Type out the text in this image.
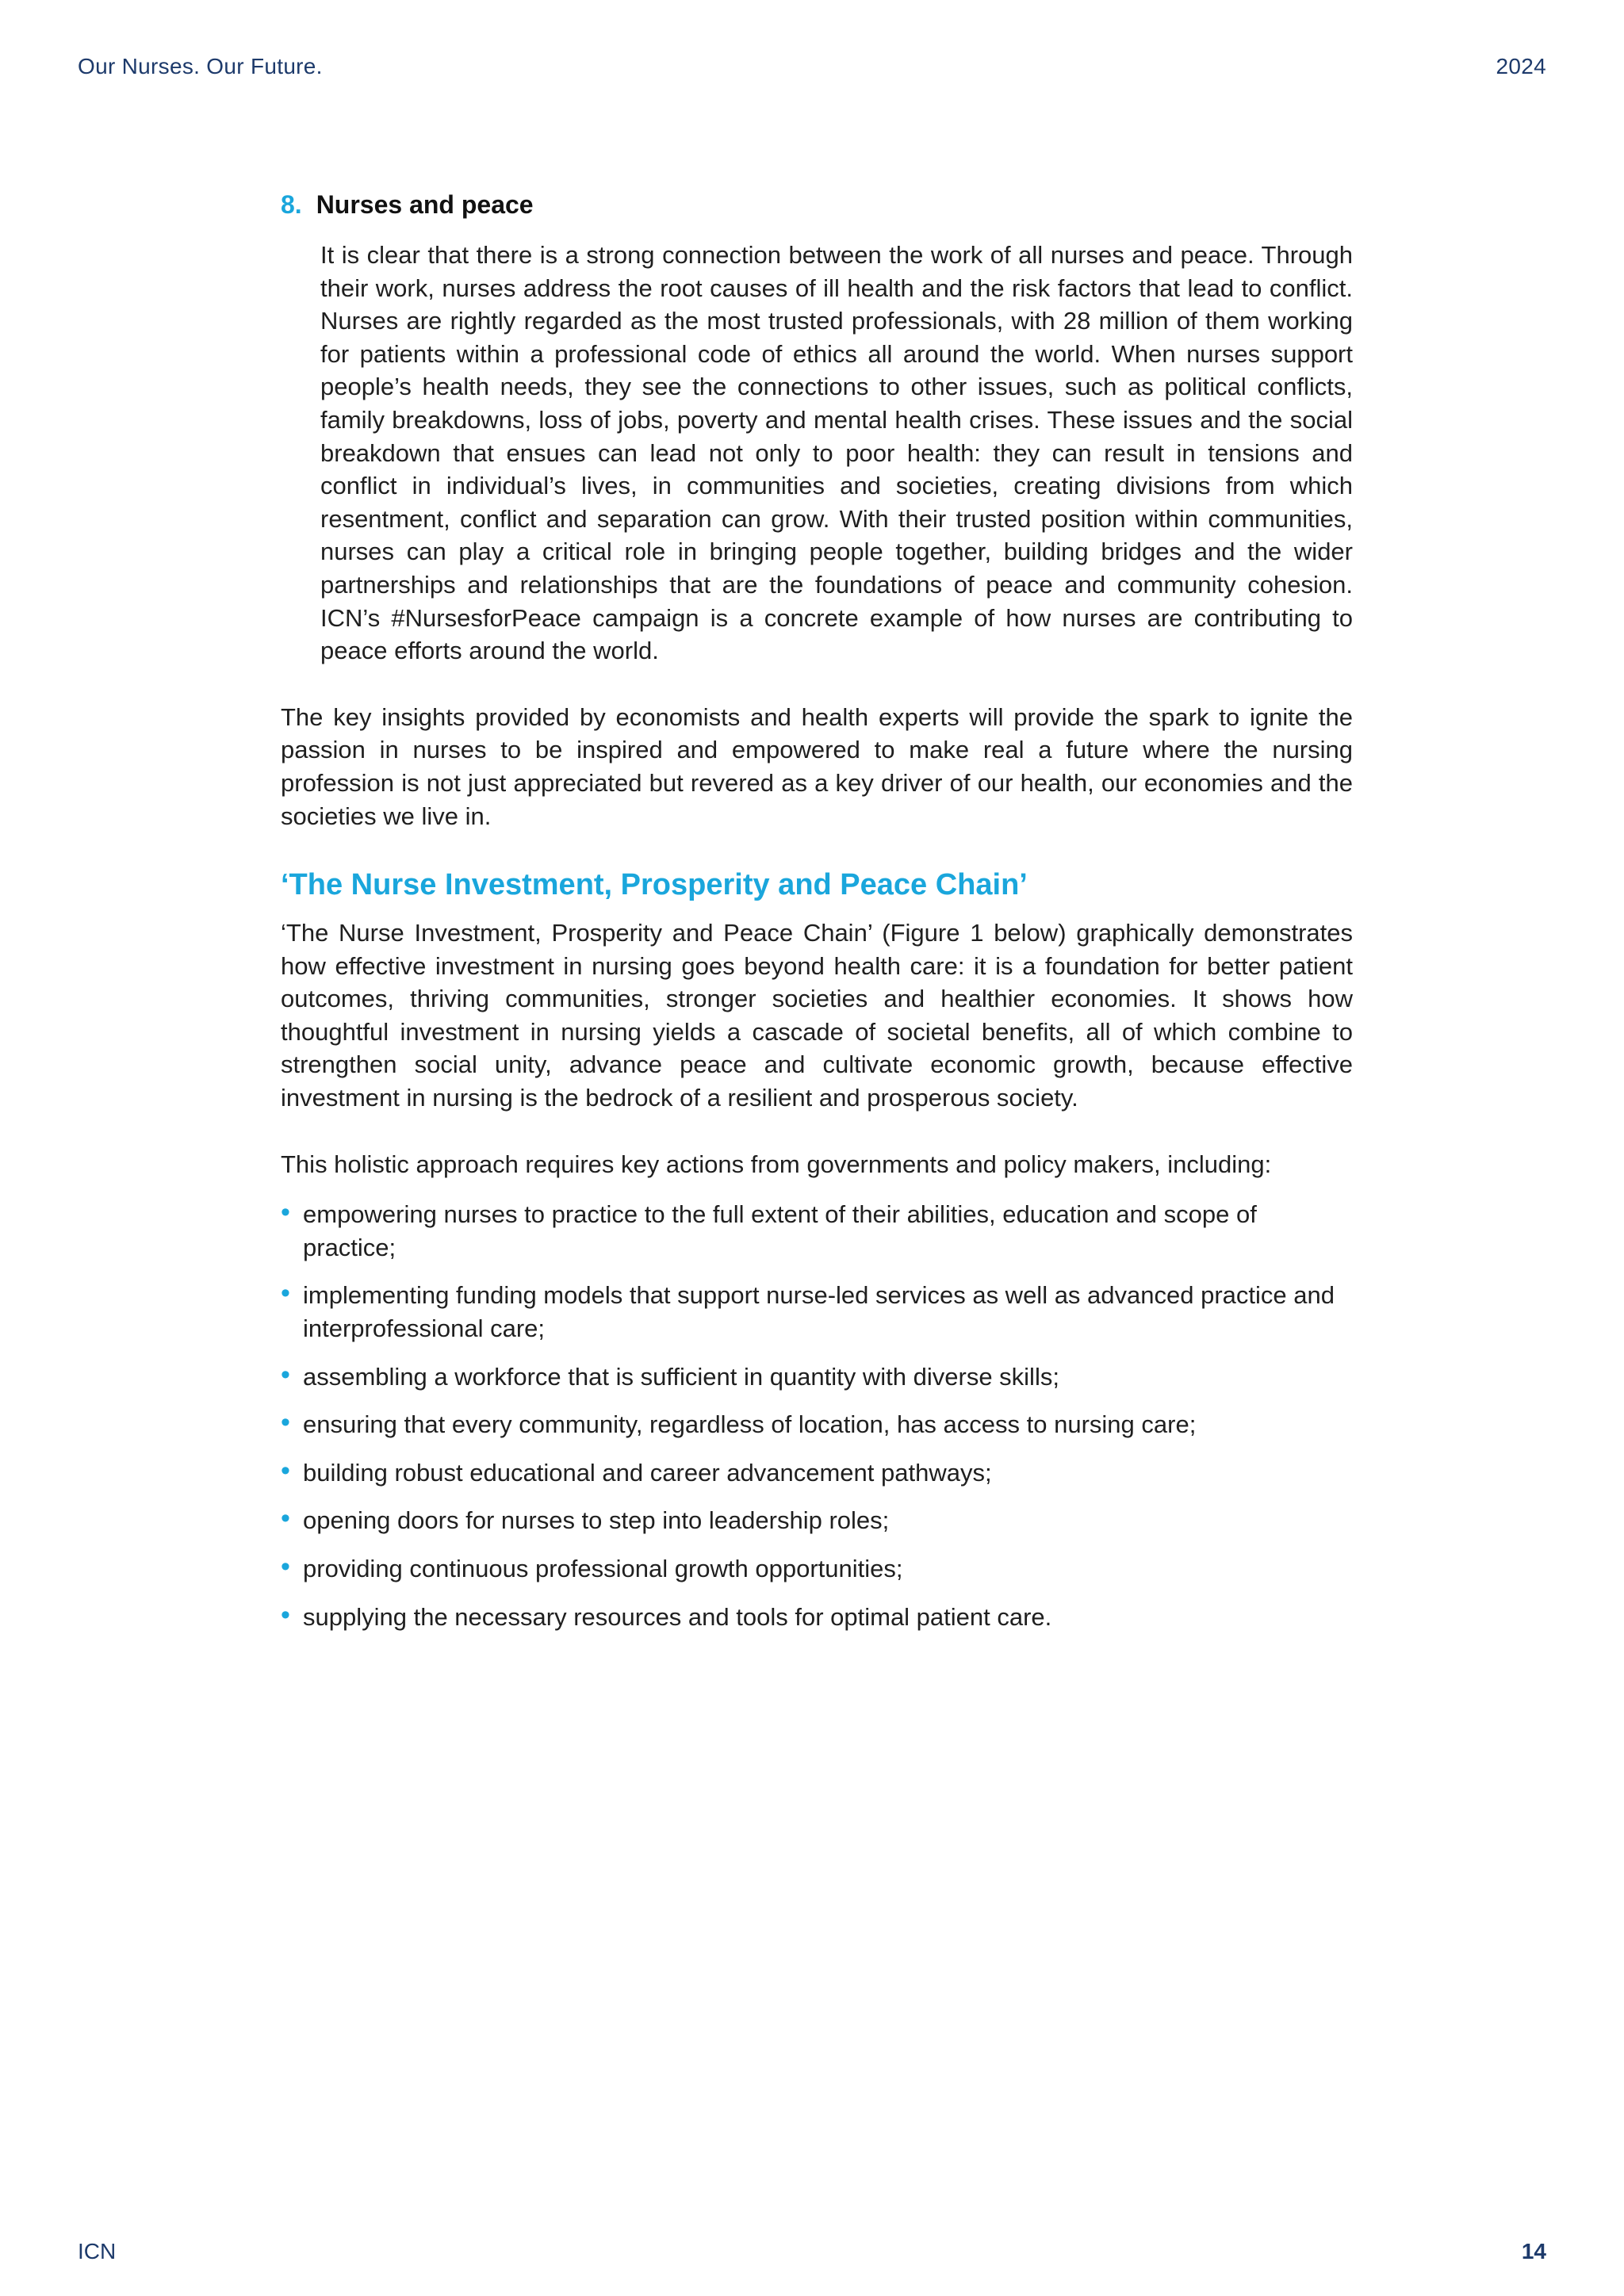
Our Nurses. Our Future.	2024
8. Nurses and peace

It is clear that there is a strong connection between the work of all nurses and peace. Through their work, nurses address the root causes of ill health and the risk factors that lead to conflict. Nurses are rightly regarded as the most trusted professionals, with 28 million of them working for patients within a professional code of ethics all around the world. When nurses support people’s health needs, they see the connections to other issues, such as political conflicts, family breakdowns, loss of jobs, poverty and mental health crises. These issues and the social breakdown that ensues can lead not only to poor health: they can result in tensions and conflict in individual’s lives, in communities and societies, creating divisions from which resentment, conflict and separation can grow. With their trusted position within communities, nurses can play a critical role in bringing people together, building bridges and the wider partnerships and relationships that are the foundations of peace and community cohesion. ICN’s #NursesforPeace campaign is a concrete example of how nurses are contributing to peace efforts around the world.

The key insights provided by economists and health experts will provide the spark to ignite the passion in nurses to be inspired and empowered to make real a future where the nursing profession is not just appreciated but revered as a key driver of our health, our economies and the societies we live in.

‘The Nurse Investment, Prosperity and Peace Chain’

‘The Nurse Investment, Prosperity and Peace Chain’ (Figure 1 below) graphically demonstrates how effective investment in nursing goes beyond health care: it is a foundation for better patient outcomes, thriving communities, stronger societies and healthier economies. It shows how thoughtful investment in nursing yields a cascade of societal benefits, all of which combine to strengthen social unity, advance peace and cultivate economic growth, because effective investment in nursing is the bedrock of a resilient and prosperous society.

This holistic approach requires key actions from governments and policy makers, including:

• empowering nurses to practice to the full extent of their abilities, education and scope of practice;
• implementing funding models that support nurse-led services as well as advanced practice and interprofessional care;
• assembling a workforce that is sufficient in quantity with diverse skills;
• ensuring that every community, regardless of location, has access to nursing care;
• building robust educational and career advancement pathways;
• opening doors for nurses to step into leadership roles;
• providing continuous professional growth opportunities;
• supplying the necessary resources and tools for optimal patient care.
ICN	14
